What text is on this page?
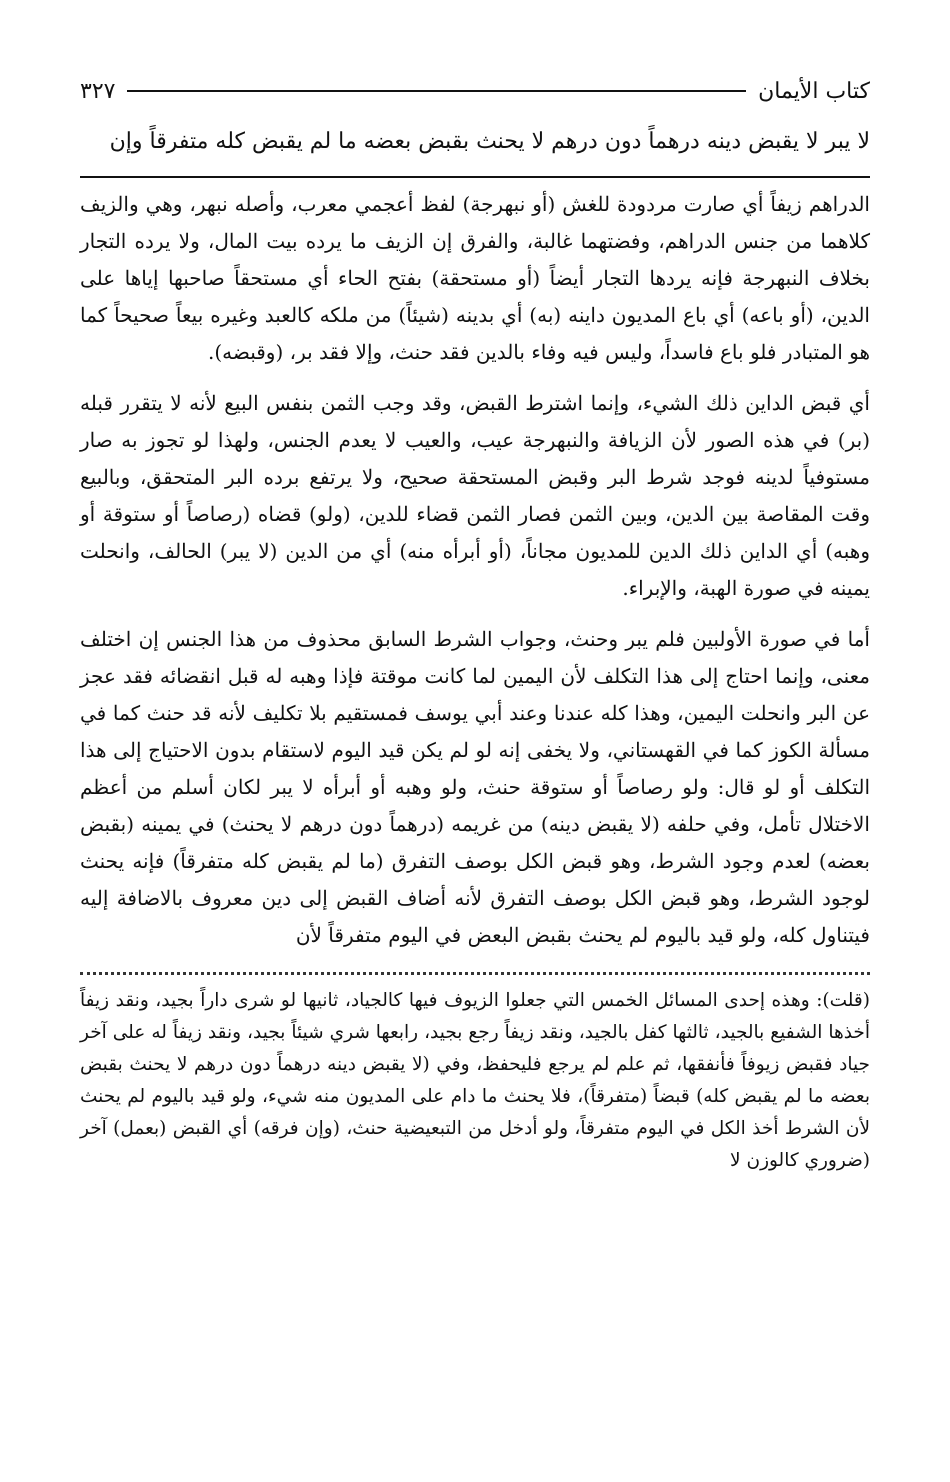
كتاب الأيمان
٣٢٧

لا يبر لا يقبض دينه درهماً دون درهم لا يحنث بقبض بعضه ما لم يقبض كله متفرقاً وإن

الدراهم زيفاً أي صارت مردودة للغش (أو نبهرجة) لفظ أعجمي معرب، وأصله نبهر، وهي والزيف كلاهما من جنس الدراهم، وفضتهما غالبة، والفرق إن الزيف ما يرده بيت المال، ولا يرده التجار بخلاف النبهرجة فإنه يردها التجار أيضاً (أو مستحقة) بفتح الحاء أي مستحقاً صاحبها إياها على الدين، (أو باعه) أي باع المديون داينه (به) أي بدينه (شيئاً) من ملكه كالعبد وغيره بيعاً صحيحاً كما هو المتبادر فلو باع فاسداً، وليس فيه وفاء بالدين فقد حنث، وإلا فقد بر، (وقبضه).

أي قبض الداين ذلك الشيء، وإنما اشترط القبض، وقد وجب الثمن بنفس البيع لأنه لا يتقرر قبله (بر) في هذه الصور لأن الزيافة والنبهرجة عيب، والعيب لا يعدم الجنس، ولهذا لو تجوز به صار مستوفياً لدينه فوجد شرط البر وقبض المستحقة صحيح، ولا يرتفع برده البر المتحقق، وبالبيع وقت المقاصة بين الدين، وبين الثمن فصار الثمن قضاء للدين، (ولو) قضاه (رصاصاً أو ستوقة أو وهبه) أي الداين ذلك الدين للمديون مجاناً، (أو أبرأه منه) أي من الدين (لا يبر) الحالف، وانحلت يمينه في صورة الهبة، والإبراء.

أما في صورة الأولبين فلم يبر وحنث، وجواب الشرط السابق محذوف من هذا الجنس إن اختلف معنى، وإنما احتاج إلى هذا التكلف لأن اليمين لما كانت موقتة فإذا وهبه له قبل انقضائه فقد عجز عن البر وانحلت اليمين، وهذا كله عندنا وعند أبي يوسف فمستقيم بلا تكليف لأنه قد حنث كما في مسألة الكوز كما في القهستاني، ولا يخفى إنه لو لم يكن قيد اليوم لاستقام بدون الاحتياج إلى هذا التكلف أو لو قال: ولو رصاصاً أو ستوقة حنث، ولو وهبه أو أبرأه لا يبر لكان أسلم من أعظم الاختلال تأمل، وفي حلفه (لا يقبض دينه) من غريمه (درهماً دون درهم لا يحنث) في يمينه (بقبض بعضه) لعدم وجود الشرط، وهو قبض الكل بوصف التفرق (ما لم يقبض كله متفرقاً) فإنه يحنث لوجود الشرط، وهو قبض الكل بوصف التفرق لأنه أضاف القبض إلى دين معروف بالاضافة إليه فيتناول كله، ولو قيد باليوم لم يحنث بقبض البعض في اليوم متفرقاً لأن

(قلت): وهذه إحدى المسائل الخمس التي جعلوا الزيوف فيها كالجياد، ثانيها لو شرى داراً بجيد، ونقد زيفاً أخذها الشفيع بالجيد، ثالثها كفل بالجيد، ونقد زيفاً رجع بجيد، رابعها شري شيئاً بجيد، ونقد زيفاً له على آخر جياد فقبض زيوفاً فأنفقها، ثم علم لم يرجع فليحفظ، وفي (لا يقبض دينه درهماً دون درهم لا يحنث بقبض بعضه ما لم يقبض كله) قبضاً (متفرقاً)، فلا يحنث ما دام على المديون منه شيء، ولو قيد باليوم لم يحنث لأن الشرط أخذ الكل في اليوم متفرقاً، ولو أدخل من التبعيضية حنث، (وإن فرقه) أي القبض (بعمل) آخر (ضروري كالوزن لا
